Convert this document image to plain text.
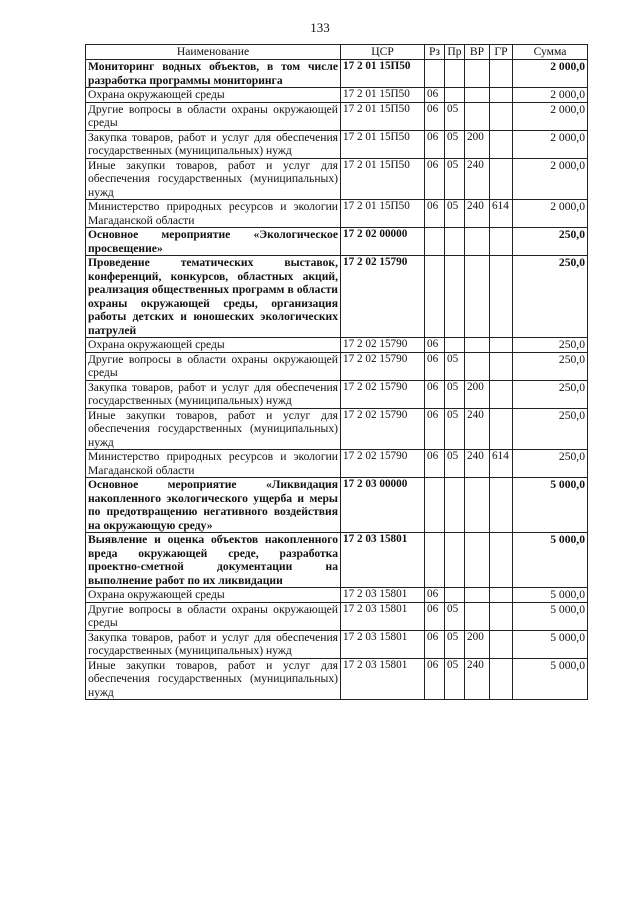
133
Наименование	ЦСР	Рз	Пр	ВР	ГР	Сумма
Мониторинг водных объектов, в том числе разработка программы мониторинга	17 2 01 15П50					2 000,0
Охрана окружающей среды	17 2 01 15П50	06				2 000,0
Другие вопросы в области охраны окружающей среды	17 2 01 15П50	06	05			2 000,0
Закупка товаров, работ и услуг для обеспечения государственных (муниципальных) нужд	17 2 01 15П50	06	05	200		2 000,0
Иные закупки товаров, работ и услуг для обеспечения государственных (муниципальных) нужд	17 2 01 15П50	06	05	240		2 000,0
Министерство природных ресурсов и экологии Магаданской области	17 2 01 15П50	06	05	240	614	2 000,0
Основное мероприятие «Экологическое просвещение»	17 2 02 00000					250,0
Проведение тематических выставок, конференций, конкурсов, областных акций, реализация общественных программ в области охраны окружающей среды, организация работы детских и юношеских экологических патрулей	17 2 02 15790					250,0
Охрана окружающей среды	17 2 02 15790	06				250,0
Другие вопросы в области охраны окружающей среды	17 2 02 15790	06	05			250,0
Закупка товаров, работ и услуг для обеспечения государственных (муниципальных) нужд	17 2 02 15790	06	05	200		250,0
Иные закупки товаров, работ и услуг для обеспечения государственных (муниципальных) нужд	17 2 02 15790	06	05	240		250,0
Министерство природных ресурсов и экологии Магаданской области	17 2 02 15790	06	05	240	614	250,0
Основное мероприятие «Ликвидация накопленного экологического ущерба и меры по предотвращению негативного воздействия на окружающую среду»	17 2 03 00000					5 000,0
Выявление и оценка объектов накопленного вреда окружающей среде, разработка проектно-сметной документации на выполнение работ по их ликвидации	17 2 03 15801					5 000,0
Охрана окружающей среды	17 2 03 15801	06				5 000,0
Другие вопросы в области охраны окружающей среды	17 2 03 15801	06	05			5 000,0
Закупка товаров, работ и услуг для обеспечения государственных (муниципальных) нужд	17 2 03 15801	06	05	200		5 000,0
Иные закупки товаров, работ и услуг для обеспечения государственных (муниципальных) нужд	17 2 03 15801	06	05	240		5 000,0
